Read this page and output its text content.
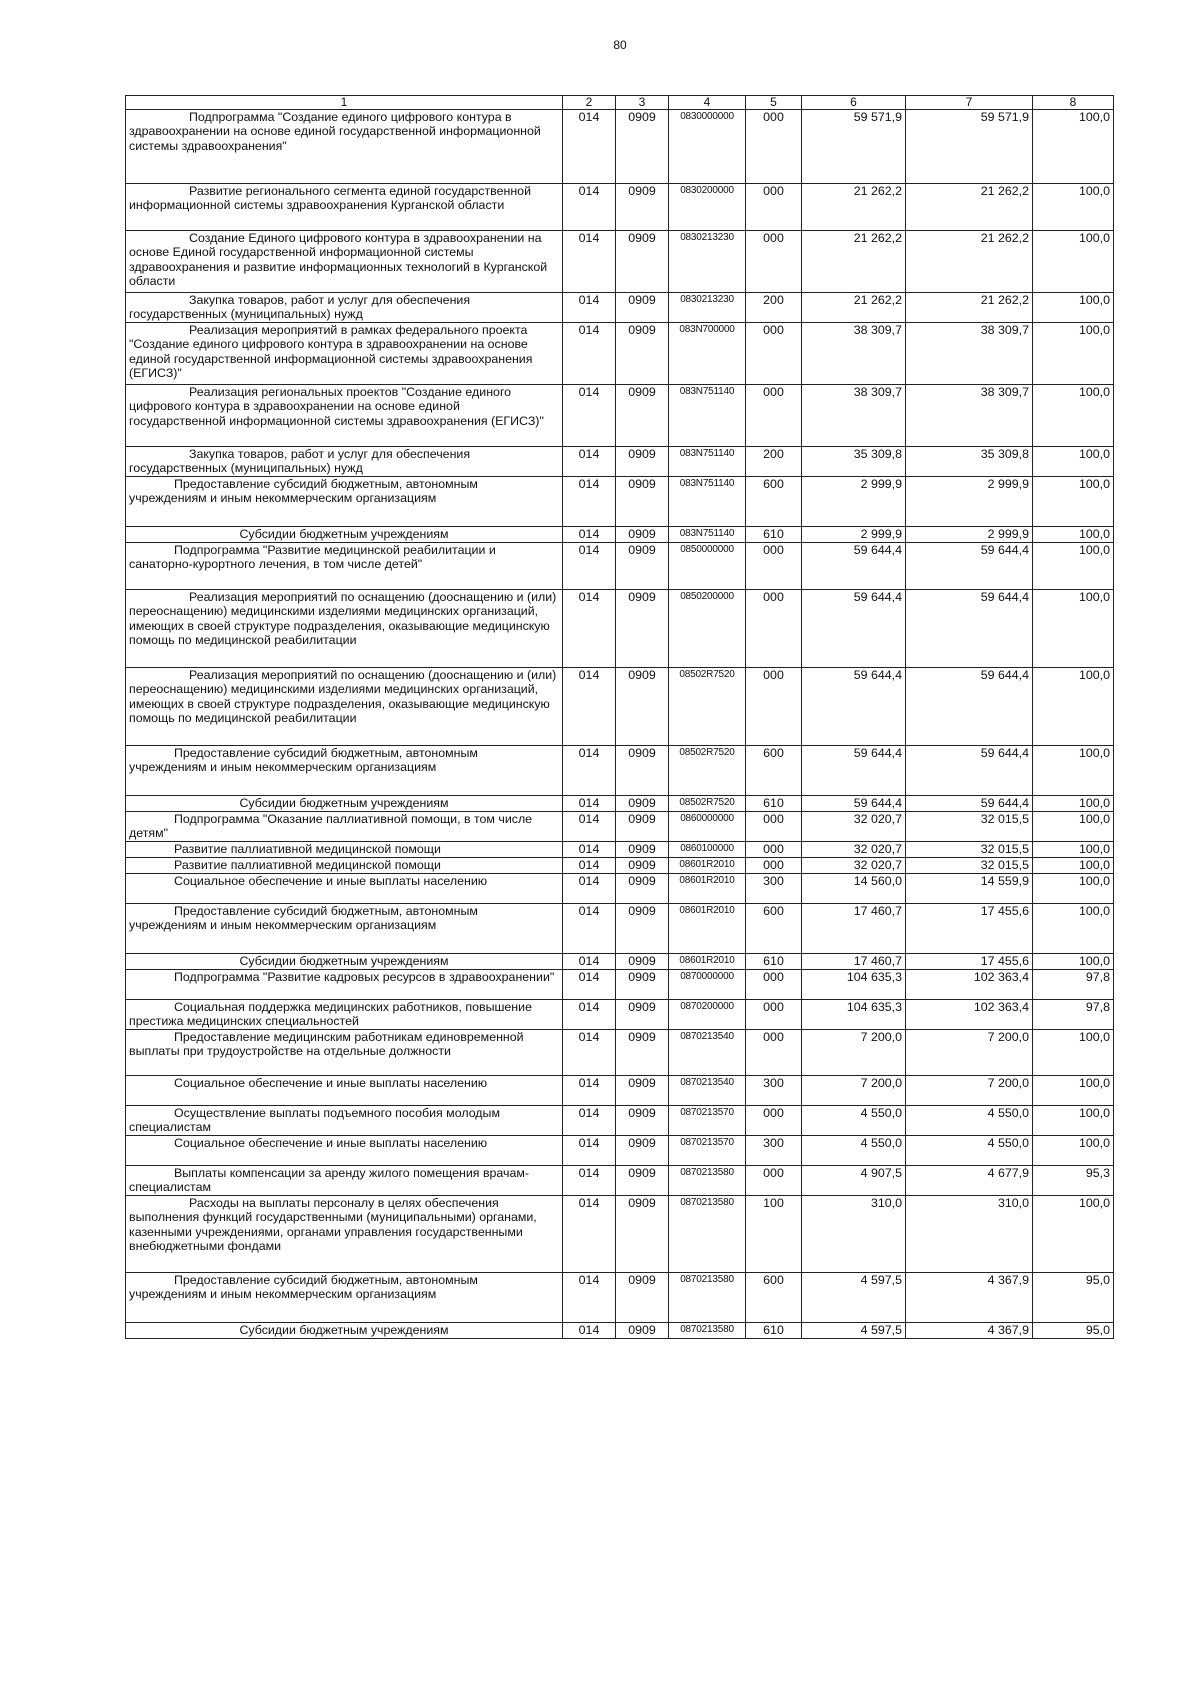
80
1	2	3	4	5	6	7	8
Подпрограмма "Создание единого цифрового контура в здравоохранении на основе единой государственной информационной системы здравоохранения"	014	0909	0830000000	000	59 571,9	59 571,9	100,0
Развитие регионального сегмента единой государственной информационной системы здравоохранения Курганской области	014	0909	0830200000	000	21 262,2	21 262,2	100,0
Создание Единого цифрового контура в здравоохранении на основе Единой государственной информационной системы здравоохранения и развитие информационных технологий в Курганской области	014	0909	0830213230	000	21 262,2	21 262,2	100,0
Закупка товаров, работ и услуг для обеспечения государственных (муниципальных) нужд	014	0909	0830213230	200	21 262,2	21 262,2	100,0
Реализация мероприятий в рамках федерального проекта "Создание единого цифрового контура в здравоохранении на основе единой государственной информационной системы здравоохранения (ЕГИСЗ)"	014	0909	083N700000	000	38 309,7	38 309,7	100,0
Реализация региональных проектов "Создание единого цифрового контура в здравоохранении на основе единой государственной информационной системы здравоохранения (ЕГИСЗ)"	014	0909	083N751140	000	38 309,7	38 309,7	100,0
Закупка товаров, работ и услуг для обеспечения государственных (муниципальных) нужд	014	0909	083N751140	200	35 309,8	35 309,8	100,0
Предоставление субсидий бюджетным, автономным учреждениям и иным некоммерческим организациям	014	0909	083N751140	600	2 999,9	2 999,9	100,0
Субсидии бюджетным учреждениям	014	0909	083N751140	610	2 999,9	2 999,9	100,0
Подпрограмма "Развитие медицинской реабилитации и санаторно-курортного лечения, в том числе детей"	014	0909	0850000000	000	59 644,4	59 644,4	100,0
Реализация мероприятий по оснащению (дооснащению и (или) переоснащению) медицинскими изделиями медицинских организаций, имеющих в своей структуре подразделения, оказывающие медицинскую помощь по медицинской реабилитации	014	0909	0850200000	000	59 644,4	59 644,4	100,0
Реализация мероприятий по оснащению (дооснащению и (или) переоснащению) медицинскими изделиями медицинских организаций, имеющих в своей структуре подразделения, оказывающие медицинскую помощь по медицинской реабилитации	014	0909	08502R7520	000	59 644,4	59 644,4	100,0
Предоставление субсидий бюджетным, автономным учреждениям и иным некоммерческим организациям	014	0909	08502R7520	600	59 644,4	59 644,4	100,0
Субсидии бюджетным учреждениям	014	0909	08502R7520	610	59 644,4	59 644,4	100,0
Подпрограмма "Оказание паллиативной помощи, в том числе детям"	014	0909	0860000000	000	32 020,7	32 015,5	100,0
Развитие паллиативной медицинской помощи	014	0909	0860100000	000	32 020,7	32 015,5	100,0
Развитие паллиативной медицинской помощи	014	0909	08601R2010	000	32 020,7	32 015,5	100,0
Социальное обеспечение и иные выплаты населению	014	0909	08601R2010	300	14 560,0	14 559,9	100,0
Предоставление субсидий бюджетным, автономным учреждениям и иным некоммерческим организациям	014	0909	08601R2010	600	17 460,7	17 455,6	100,0
Субсидии бюджетным учреждениям	014	0909	08601R2010	610	17 460,7	17 455,6	100,0
Подпрограмма "Развитие кадровых ресурсов в здравоохранении"	014	0909	0870000000	000	104 635,3	102 363,4	97,8
Социальная поддержка медицинских работников, повышение престижа медицинских специальностей	014	0909	0870200000	000	104 635,3	102 363,4	97,8
Предоставление медицинским работникам единовременной выплаты при трудоустройстве на отдельные должности	014	0909	0870213540	000	7 200,0	7 200,0	100,0
Социальное обеспечение и иные выплаты населению	014	0909	0870213540	300	7 200,0	7 200,0	100,0
Осуществление выплаты подъемного пособия молодым специалистам	014	0909	0870213570	000	4 550,0	4 550,0	100,0
Социальное обеспечение и иные выплаты населению	014	0909	0870213570	300	4 550,0	4 550,0	100,0
Выплаты компенсации за аренду жилого помещения врачам-специалистам	014	0909	0870213580	000	4 907,5	4 677,9	95,3
Расходы на выплаты персоналу в целях обеспечения выполнения функций государственными (муниципальными) органами, казенными учреждениями, органами управления государственными внебюджетными фондами	014	0909	0870213580	100	310,0	310,0	100,0
Предоставление субсидий бюджетным, автономным учреждениям и иным некоммерческим организациям	014	0909	0870213580	600	4 597,5	4 367,9	95,0
Субсидии бюджетным учреждениям	014	0909	0870213580	610	4 597,5	4 367,9	95,0
